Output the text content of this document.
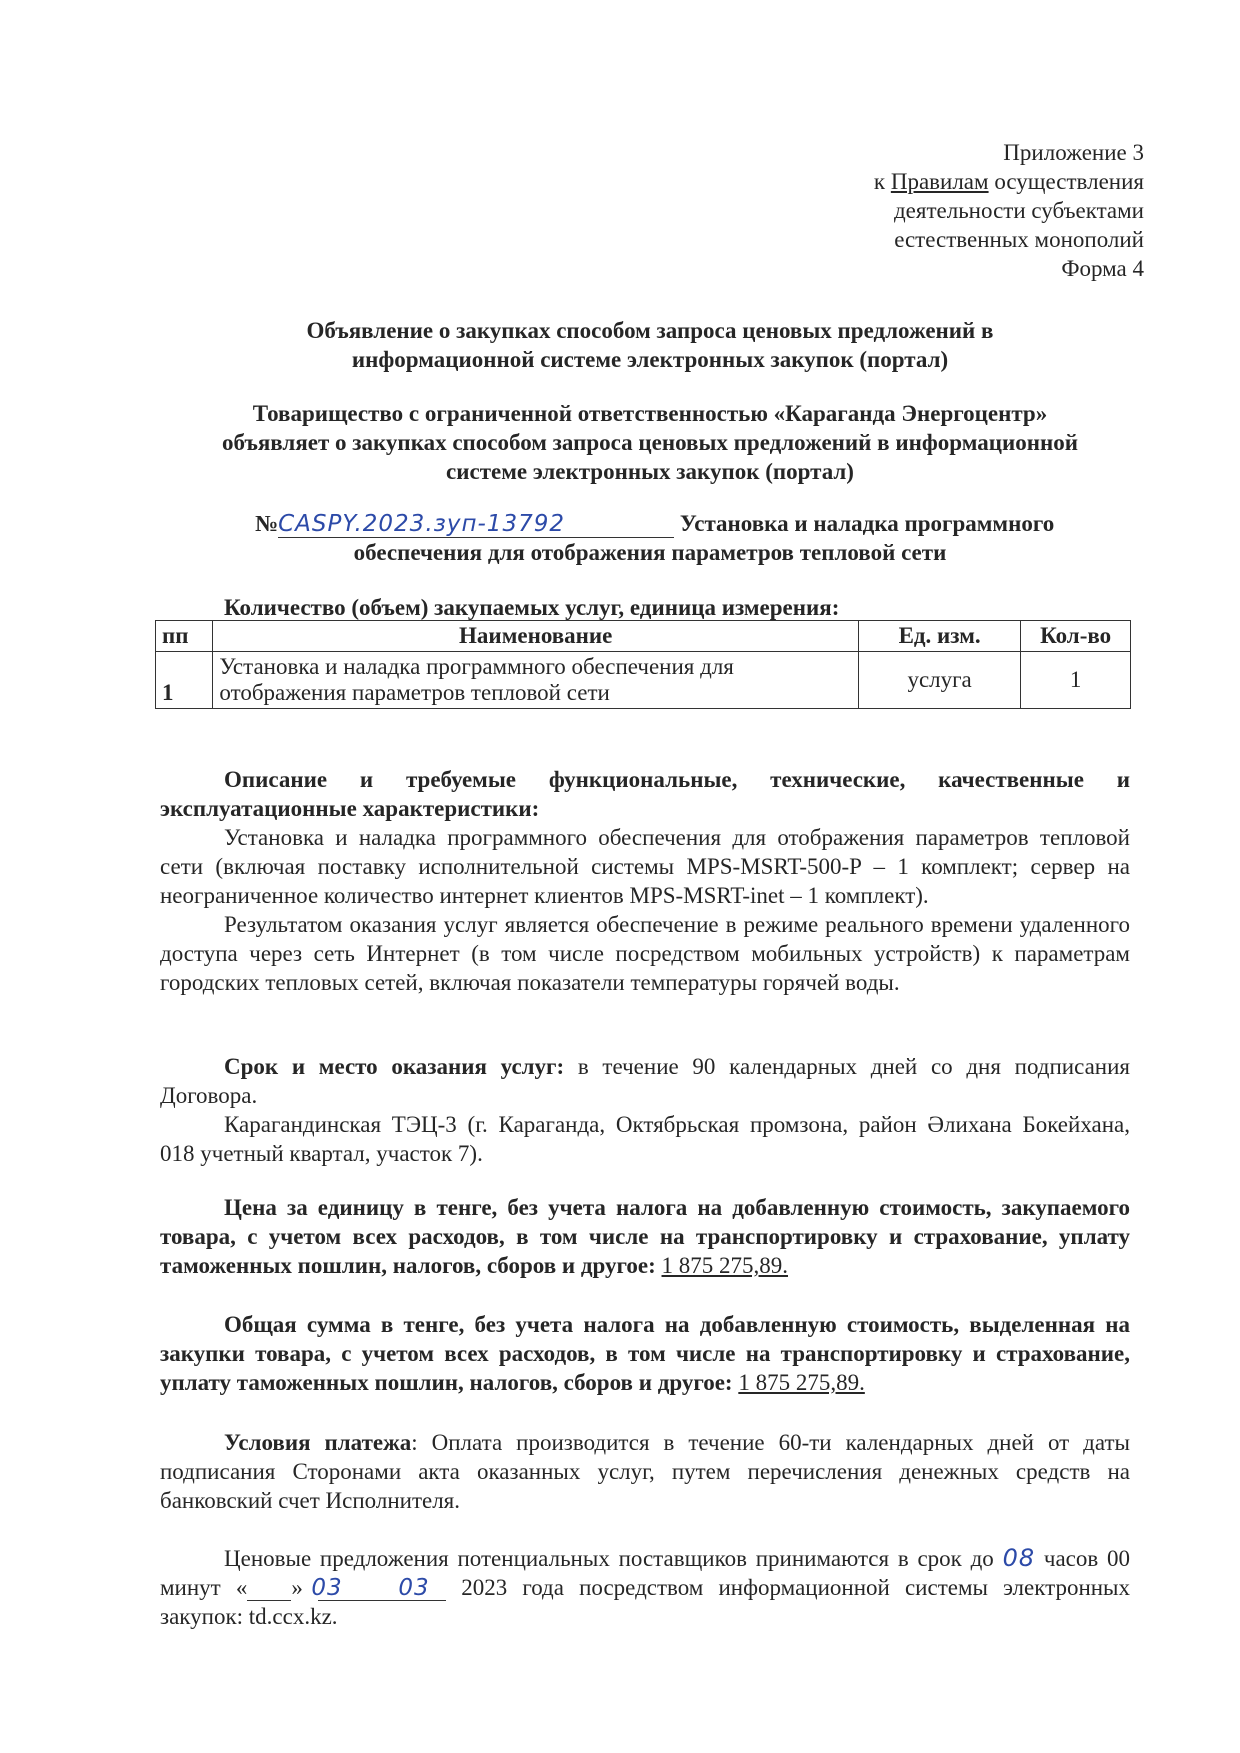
Приложение 3
к Правилам осуществления
деятельности субъектами
естественных монополий
Форма 4
Объявление о закупках способом запроса ценовых предложений в
информационной системе электронных закупок (портал)
Товарищество с ограниченной ответственностью «Караганда Энергоцентр»
объявляет о закупках способом запроса ценовых предложений в информационной
системе электронных закупок (портал)
№CASPY.2023.зуп-13792	Установка и наладка программного
обеспечения для отображения параметров тепловой сети
Количество (объем) закупаемых услуг, единица измерения:
пп	Наименование	Ед. изм.	Кол-во
1	Установка и наладка программного обеспечения для отображения параметров тепловой сети	услуга	1

Описание и требуемые функциональные, технические, качественные и эксплуатационные характеристики:

Установка и наладка программного обеспечения для отображения параметров тепловой сети (включая поставку исполнительной системы MPS-MSRT-500-P – 1 комплект; сервер на неограниченное количество интернет клиентов MPS-MSRT-inet – 1 комплект).

Результатом оказания услуг является обеспечение в режиме реального времени удаленного доступа через сеть Интернет (в том числе посредством мобильных устройств) к параметрам городских тепловых сетей, включая показатели температуры горячей воды.

Срок и место оказания услуг: в течение 90 календарных дней со дня подписания Договора.

Карагандинская ТЭЦ-3 (г. Караганда, Октябрьская промзона, район Әлихана Бокейхана, 018 учетный квартал, участок 7).

Цена за единицу в тенге, без учета налога на добавленную стоимость, закупаемого товара, с учетом всех расходов, в том числе на транспортировку и страхование, уплату таможенных пошлин, налогов, сборов и другое: 1 875 275,89.

Общая сумма в тенге, без учета налога на добавленную стоимость, выделенная на закупки товара, с учетом всех расходов, в том числе на транспортировку и страхование, уплату таможенных пошлин, налогов, сборов и другое: 1 875 275,89.

Условия платежа: Оплата производится в течение 60-ти календарных дней от даты подписания Сторонами акта оказанных услуг, путем перечисления денежных средств на банковский счет Исполнителя.

Ценовые предложения потенциальных поставщиков принимаются в срок до 08 часов 00 минут «	03»	03 2023 года посредством информационной системы электронных закупок: td.ccx.kz.
